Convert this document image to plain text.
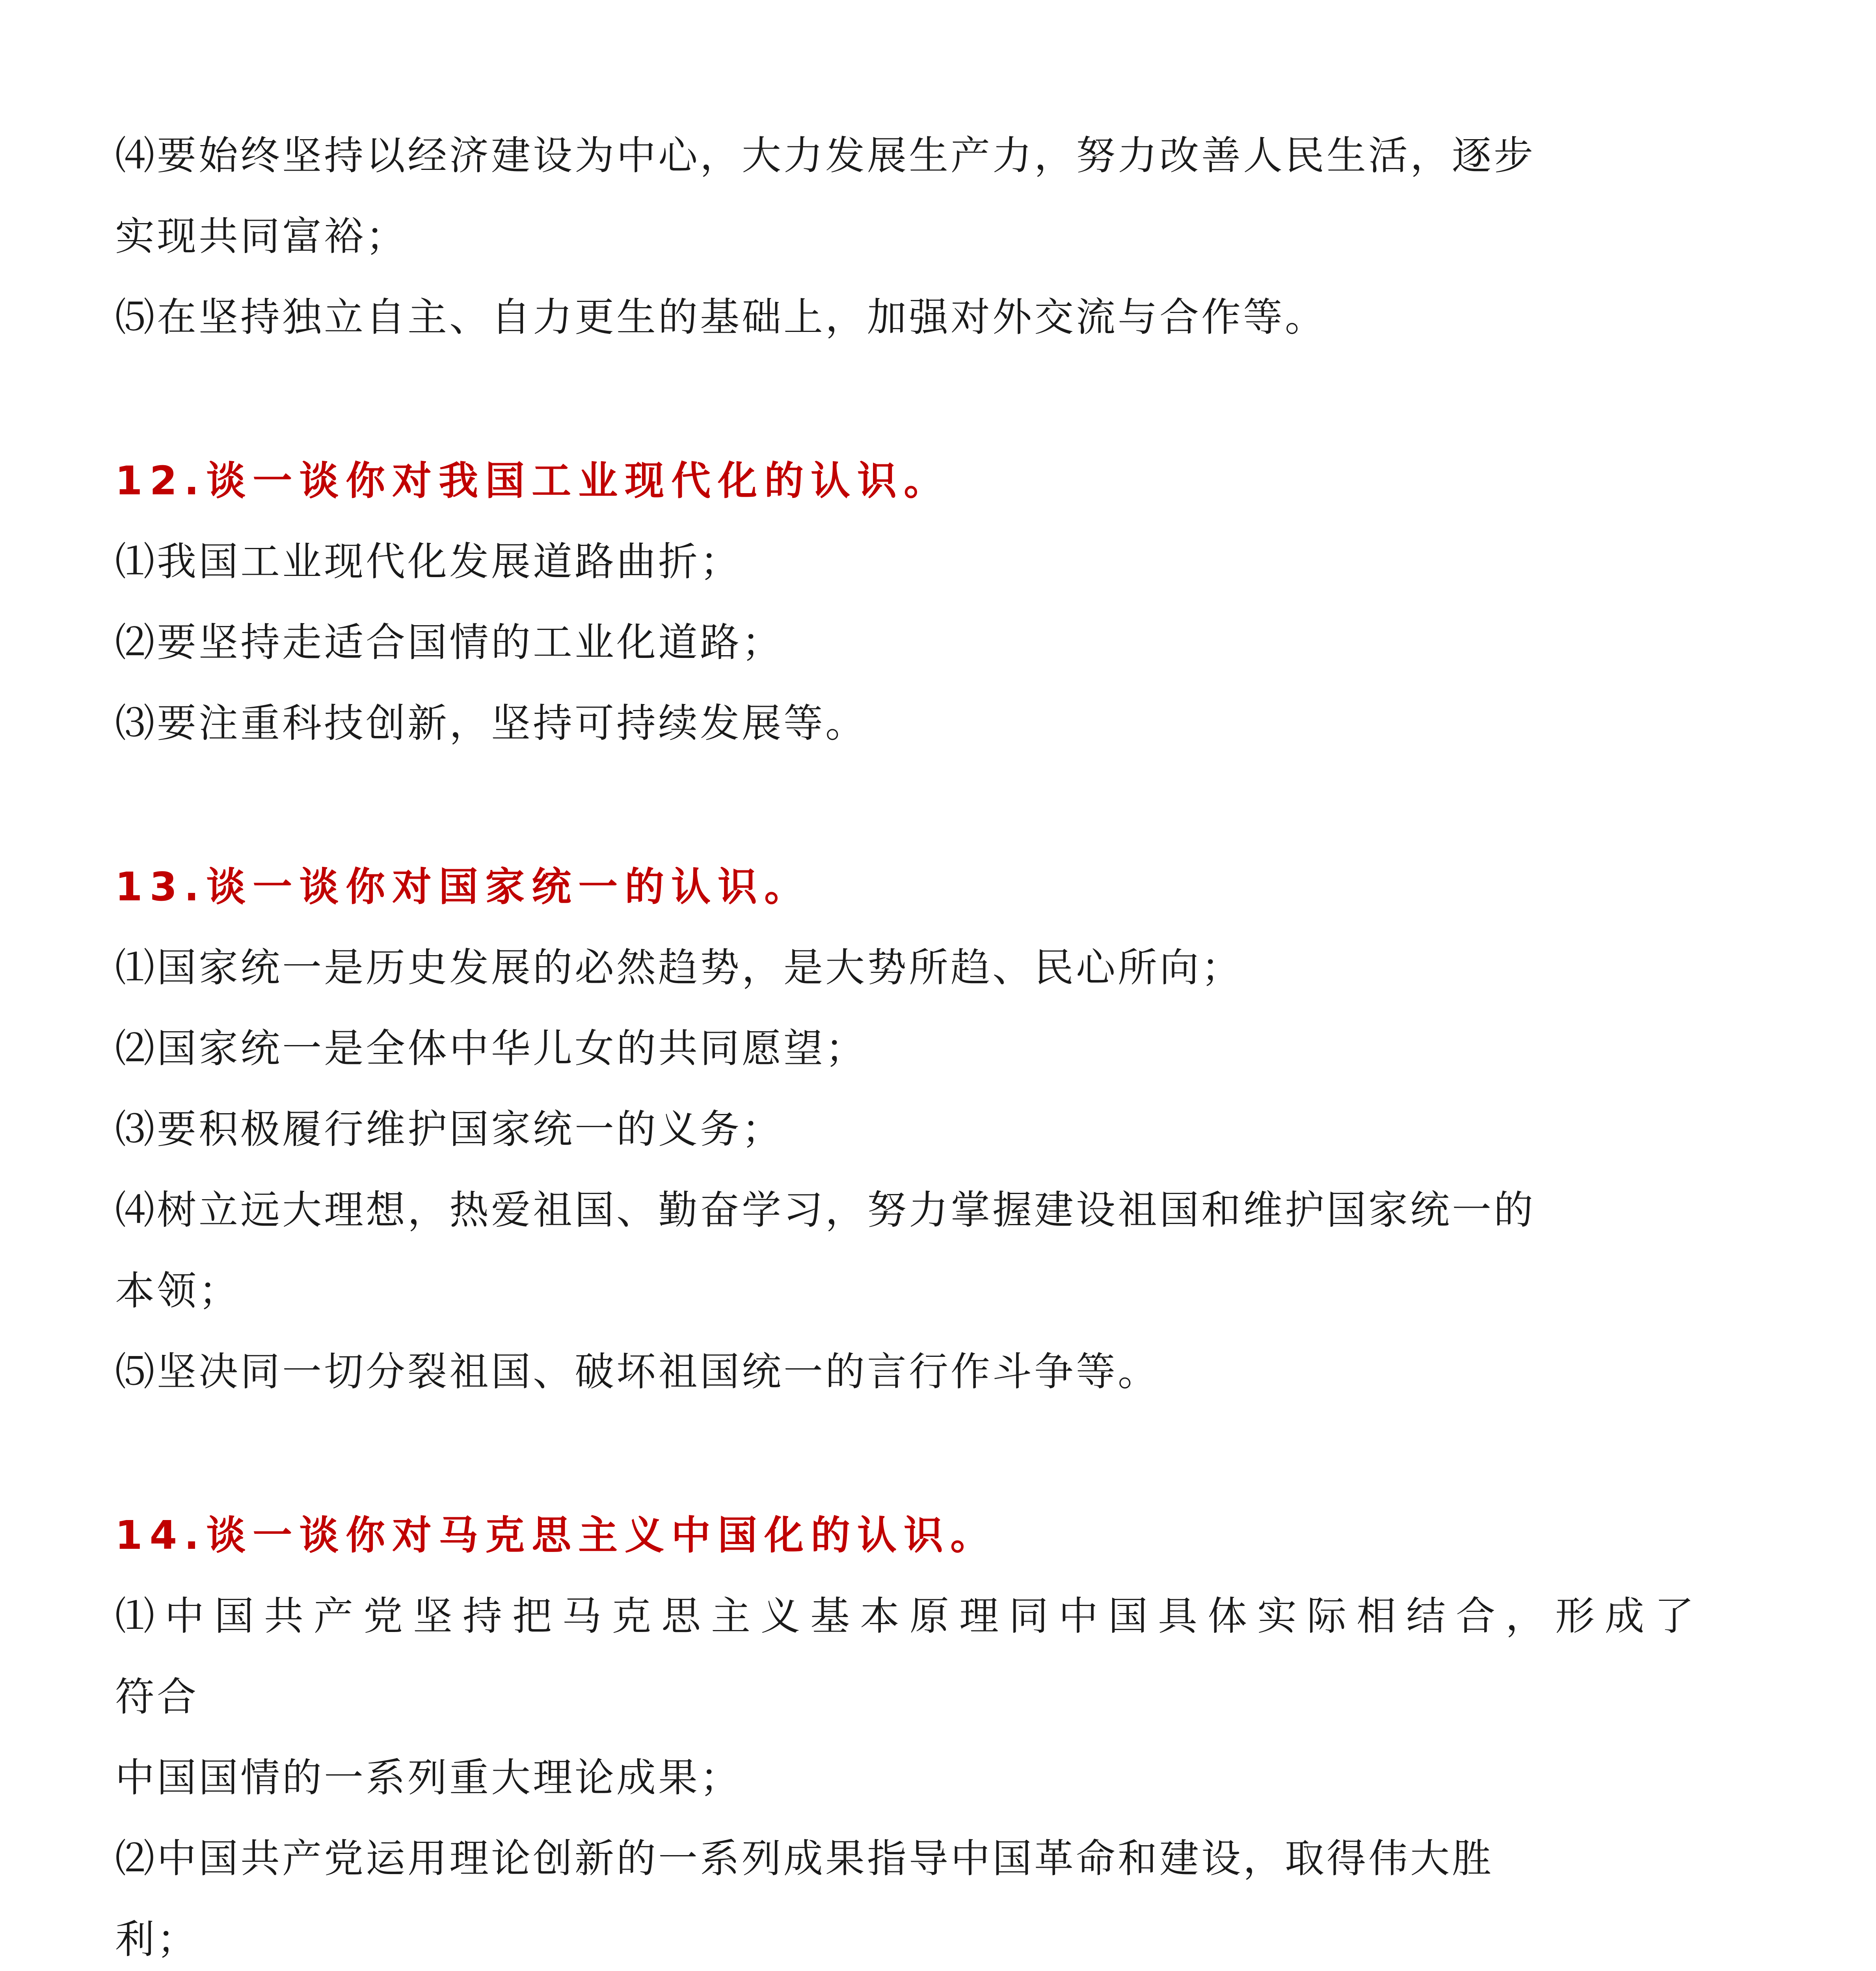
⑷要始终坚持以经济建设为中心，大力发展生产力，努力改善人民生活，逐步
实现共同富裕；
⑸在坚持独立自主、自力更生的基础上，加强对外交流与合作等。
12.谈一谈你对我国工业现代化的认识。
⑴我国工业现代化发展道路曲折；
⑵要坚持走适合国情的工业化道路；
⑶要注重科技创新，坚持可持续发展等。
13.谈一谈你对国家统一的认识。
⑴国家统一是历史发展的必然趋势，是大势所趋、民心所向；
⑵国家统一是全体中华儿女的共同愿望；
⑶要积极履行维护国家统一的义务；
⑷树立远大理想，热爱祖国、勤奋学习，努力掌握建设祖国和维护国家统一的
本领；
⑸坚决同一切分裂祖国、破坏祖国统一的言行作斗争等。
14.谈一谈你对马克思主义中国化的认识。
⑴中国共产党坚持把马克思主义基本原理同中国具体实际相结合，形成了
符合
中国国情的一系列重大理论成果；
⑵中国共产党运用理论创新的一系列成果指导中国革命和建设，取得伟大胜
利；
